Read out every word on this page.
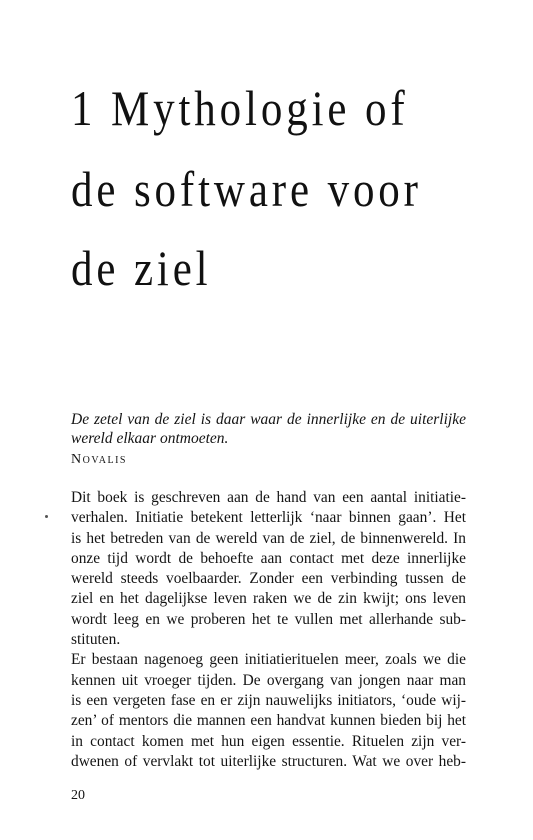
1 Mythologie of
de software voor
de ziel

De zetel van de ziel is daar waar de innerlijke en de uiterlijke
wereld elkaar ontmoeten.

Novalis
Dit boek is geschreven aan de hand van een aantal initiatie-
verhalen. Initiatie betekent letterlijk ‘naar binnen gaan’. Het
is het betreden van de wereld van de ziel, de binnenwereld. In
onze tijd wordt de behoefte aan contact met deze innerlijke
wereld steeds voelbaarder. Zonder een verbinding tussen de
ziel en het dagelijkse leven raken we de zin kwijt; ons leven
wordt leeg en we proberen het te vullen met allerhande sub-
stituten.
Er bestaan nagenoeg geen initiatierituelen meer, zoals we die
kennen uit vroeger tijden. De overgang van jongen naar man
is een vergeten fase en er zijn nauwelijks initiators, ‘oude wij-
zen’ of mentors die mannen een handvat kunnen bieden bij het
in contact komen met hun eigen essentie. Rituelen zijn ver-
dwenen of vervlakt tot uiterlijke structuren. Wat we over heb-
20
